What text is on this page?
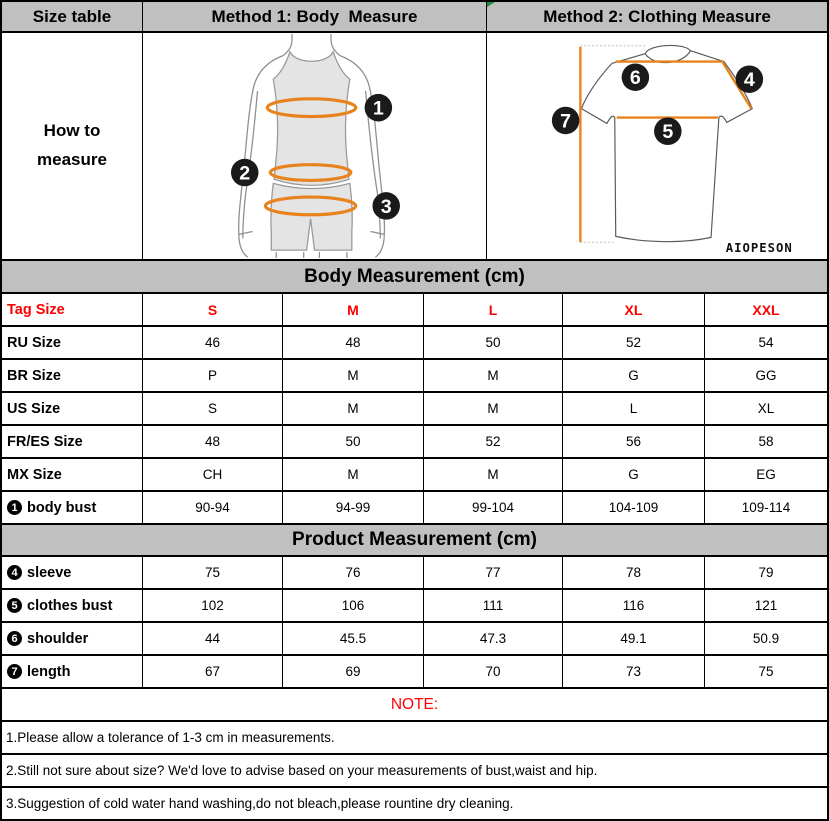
Size table	Method 1: Body  Measure	Method 2: Clothing Measure
How to measure
1
2
3
6	4
5
7
AIOPESON
Body Measurement (cm)
Tag Size	S	M	L	XL	XXL
RU Size	46	48	50	52	54
BR Size	P	M	M	G	GG
US Size	S	M	M	L	XL
FR/ES Size	48	50	52	56	58
MX Size	CH	M	M	G	EG
1 body bust	90-94	94-99	99-104	104-109	109-114
Product Measurement (cm)
4 sleeve	75	76	77	78	79
5 clothes bust	102	106	111	116	121
6 shoulder	44	45.5	47.3	49.1	50.9
7 length	67	69	70	73	75
NOTE:
1.Please allow a tolerance of 1-3 cm in measurements.
2.Still not sure about size? We'd love to advise based on your measurements of bust,waist and hip.
3.Suggestion of cold water hand washing,do not bleach,please rountine dry cleaning.
